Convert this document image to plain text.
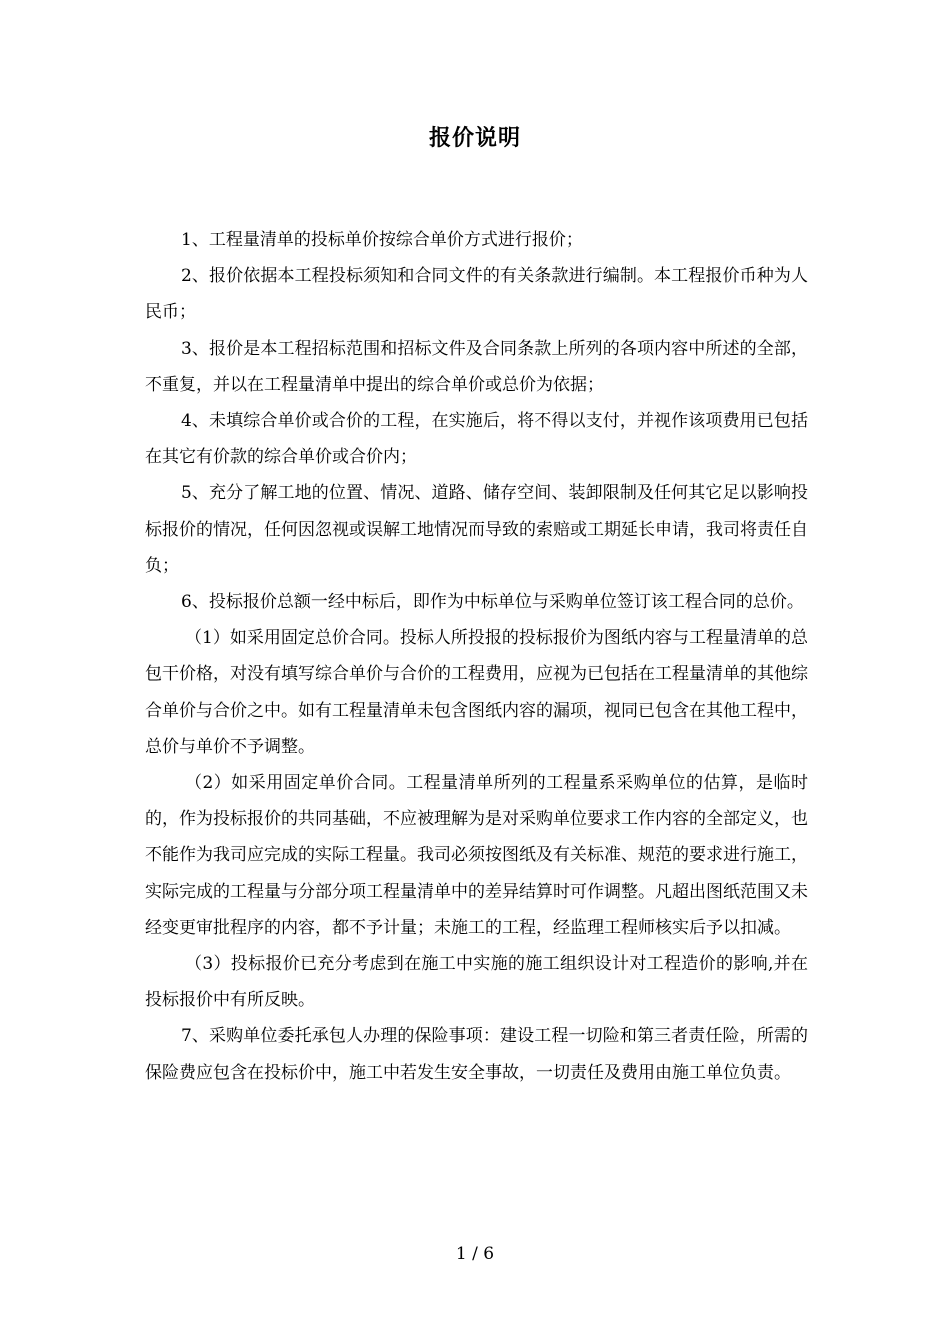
报价说明

1、工程量清单的投标单价按综合单价方式进行报价；

2、报价依据本工程投标须知和合同文件的有关条款进行编制。本工程报价币种为人民币；

3、报价是本工程招标范围和招标文件及合同条款上所列的各项内容中所述的全部，不重复，并以在工程量清单中提出的综合单价或总价为依据；

4、未填综合单价或合价的工程，在实施后，将不得以支付，并视作该项费用已包括在其它有价款的综合单价或合价内；

5、充分了解工地的位置、情况、道路、储存空间、装卸限制及任何其它足以影响投标报价的情况，任何因忽视或误解工地情况而导致的索赔或工期延长申请，我司将责任自负；

6、投标报价总额一经中标后，即作为中标单位与采购单位签订该工程合同的总价。

（1）如采用固定总价合同。投标人所投报的投标报价为图纸内容与工程量清单的总包干价格，对没有填写综合单价与合价的工程费用，应视为已包括在工程量清单的其他综合单价与合价之中。如有工程量清单未包含图纸内容的漏项，视同已包含在其他工程中，总价与单价不予调整。

（2）如采用固定单价合同。工程量清单所列的工程量系采购单位的估算，是临时的，作为投标报价的共同基础，不应被理解为是对采购单位要求工作内容的全部定义，也不能作为我司应完成的实际工程量。我司必须按图纸及有关标准、规范的要求进行施工，实际完成的工程量与分部分项工程量清单中的差异结算时可作调整。凡超出图纸范围又未经变更审批程序的内容，都不予计量；未施工的工程，经监理工程师核实后予以扣减。

（3）投标报价已充分考虑到在施工中实施的施工组织设计对工程造价的影响,并在投标报价中有所反映。

7、采购单位委托承包人办理的保险事项：建设工程一切险和第三者责任险，所需的保险费应包含在投标价中，施工中若发生安全事故，一切责任及费用由施工单位负责。

1 / 6
